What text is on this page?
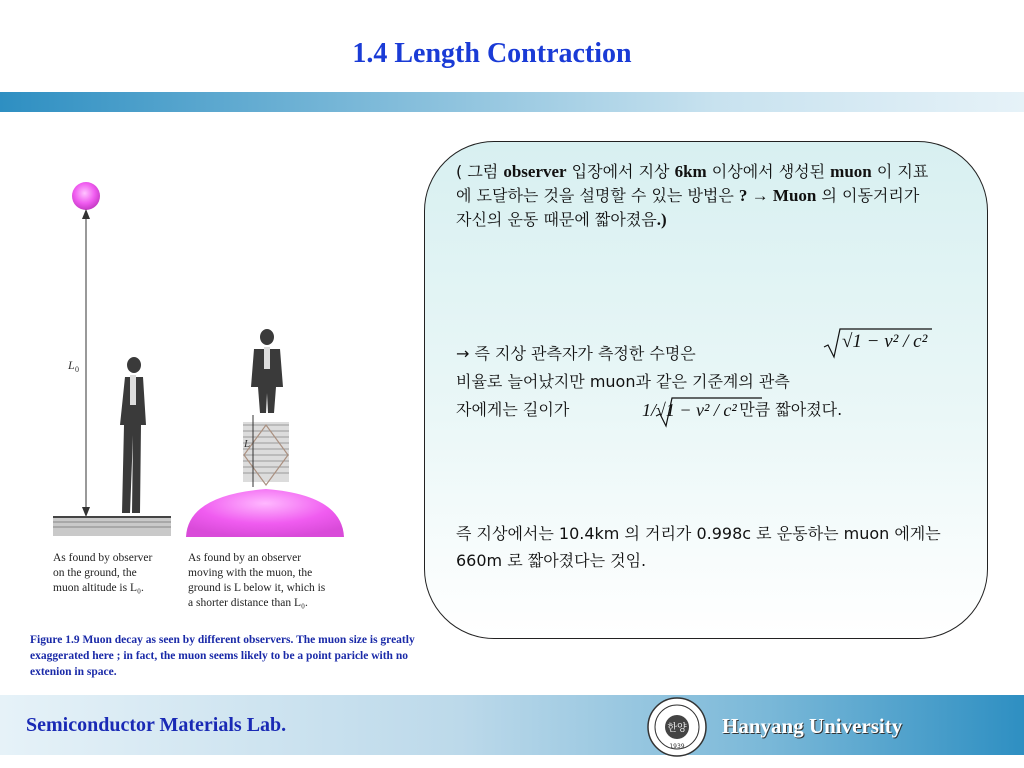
1.4 Length Contraction
L 0
L
As found by observer
on the ground, the
muon altitude is L₀.
As found by an observer
moving with the muon, the
ground is L below it, which is
a shorter distance than L₀.
Figure 1.9 Muon decay as seen by different observers. The muon size is greatly exaggerated here ; in fact, the muon seems likely to be a point paricle with no extenion in space.
( 그럼 observer 입장에서 지상 6km 이상에서 생성된 muon 이 지표에 도달하는 것을 설명할 수 있는 방법은 ? → Muon 의 이동거리가 자신의 운동 때문에 짧아졌음.)
→ 즉 지상 관측자가 측정한 수명은
비율로 늘어났지만 muon과 같은 기준계의 관측
자에게는 길이가	만큼 짧아졌다.
√1 − v² / c²
1/√1 − v² / c²
즉 지상에서는 10.4km 의 거리가 0.998c 로 운동하는 muon 에게는 660m 로 짧아졌다는 것임.
Semiconductor Materials Lab.	한양
1939
Hanyang University
